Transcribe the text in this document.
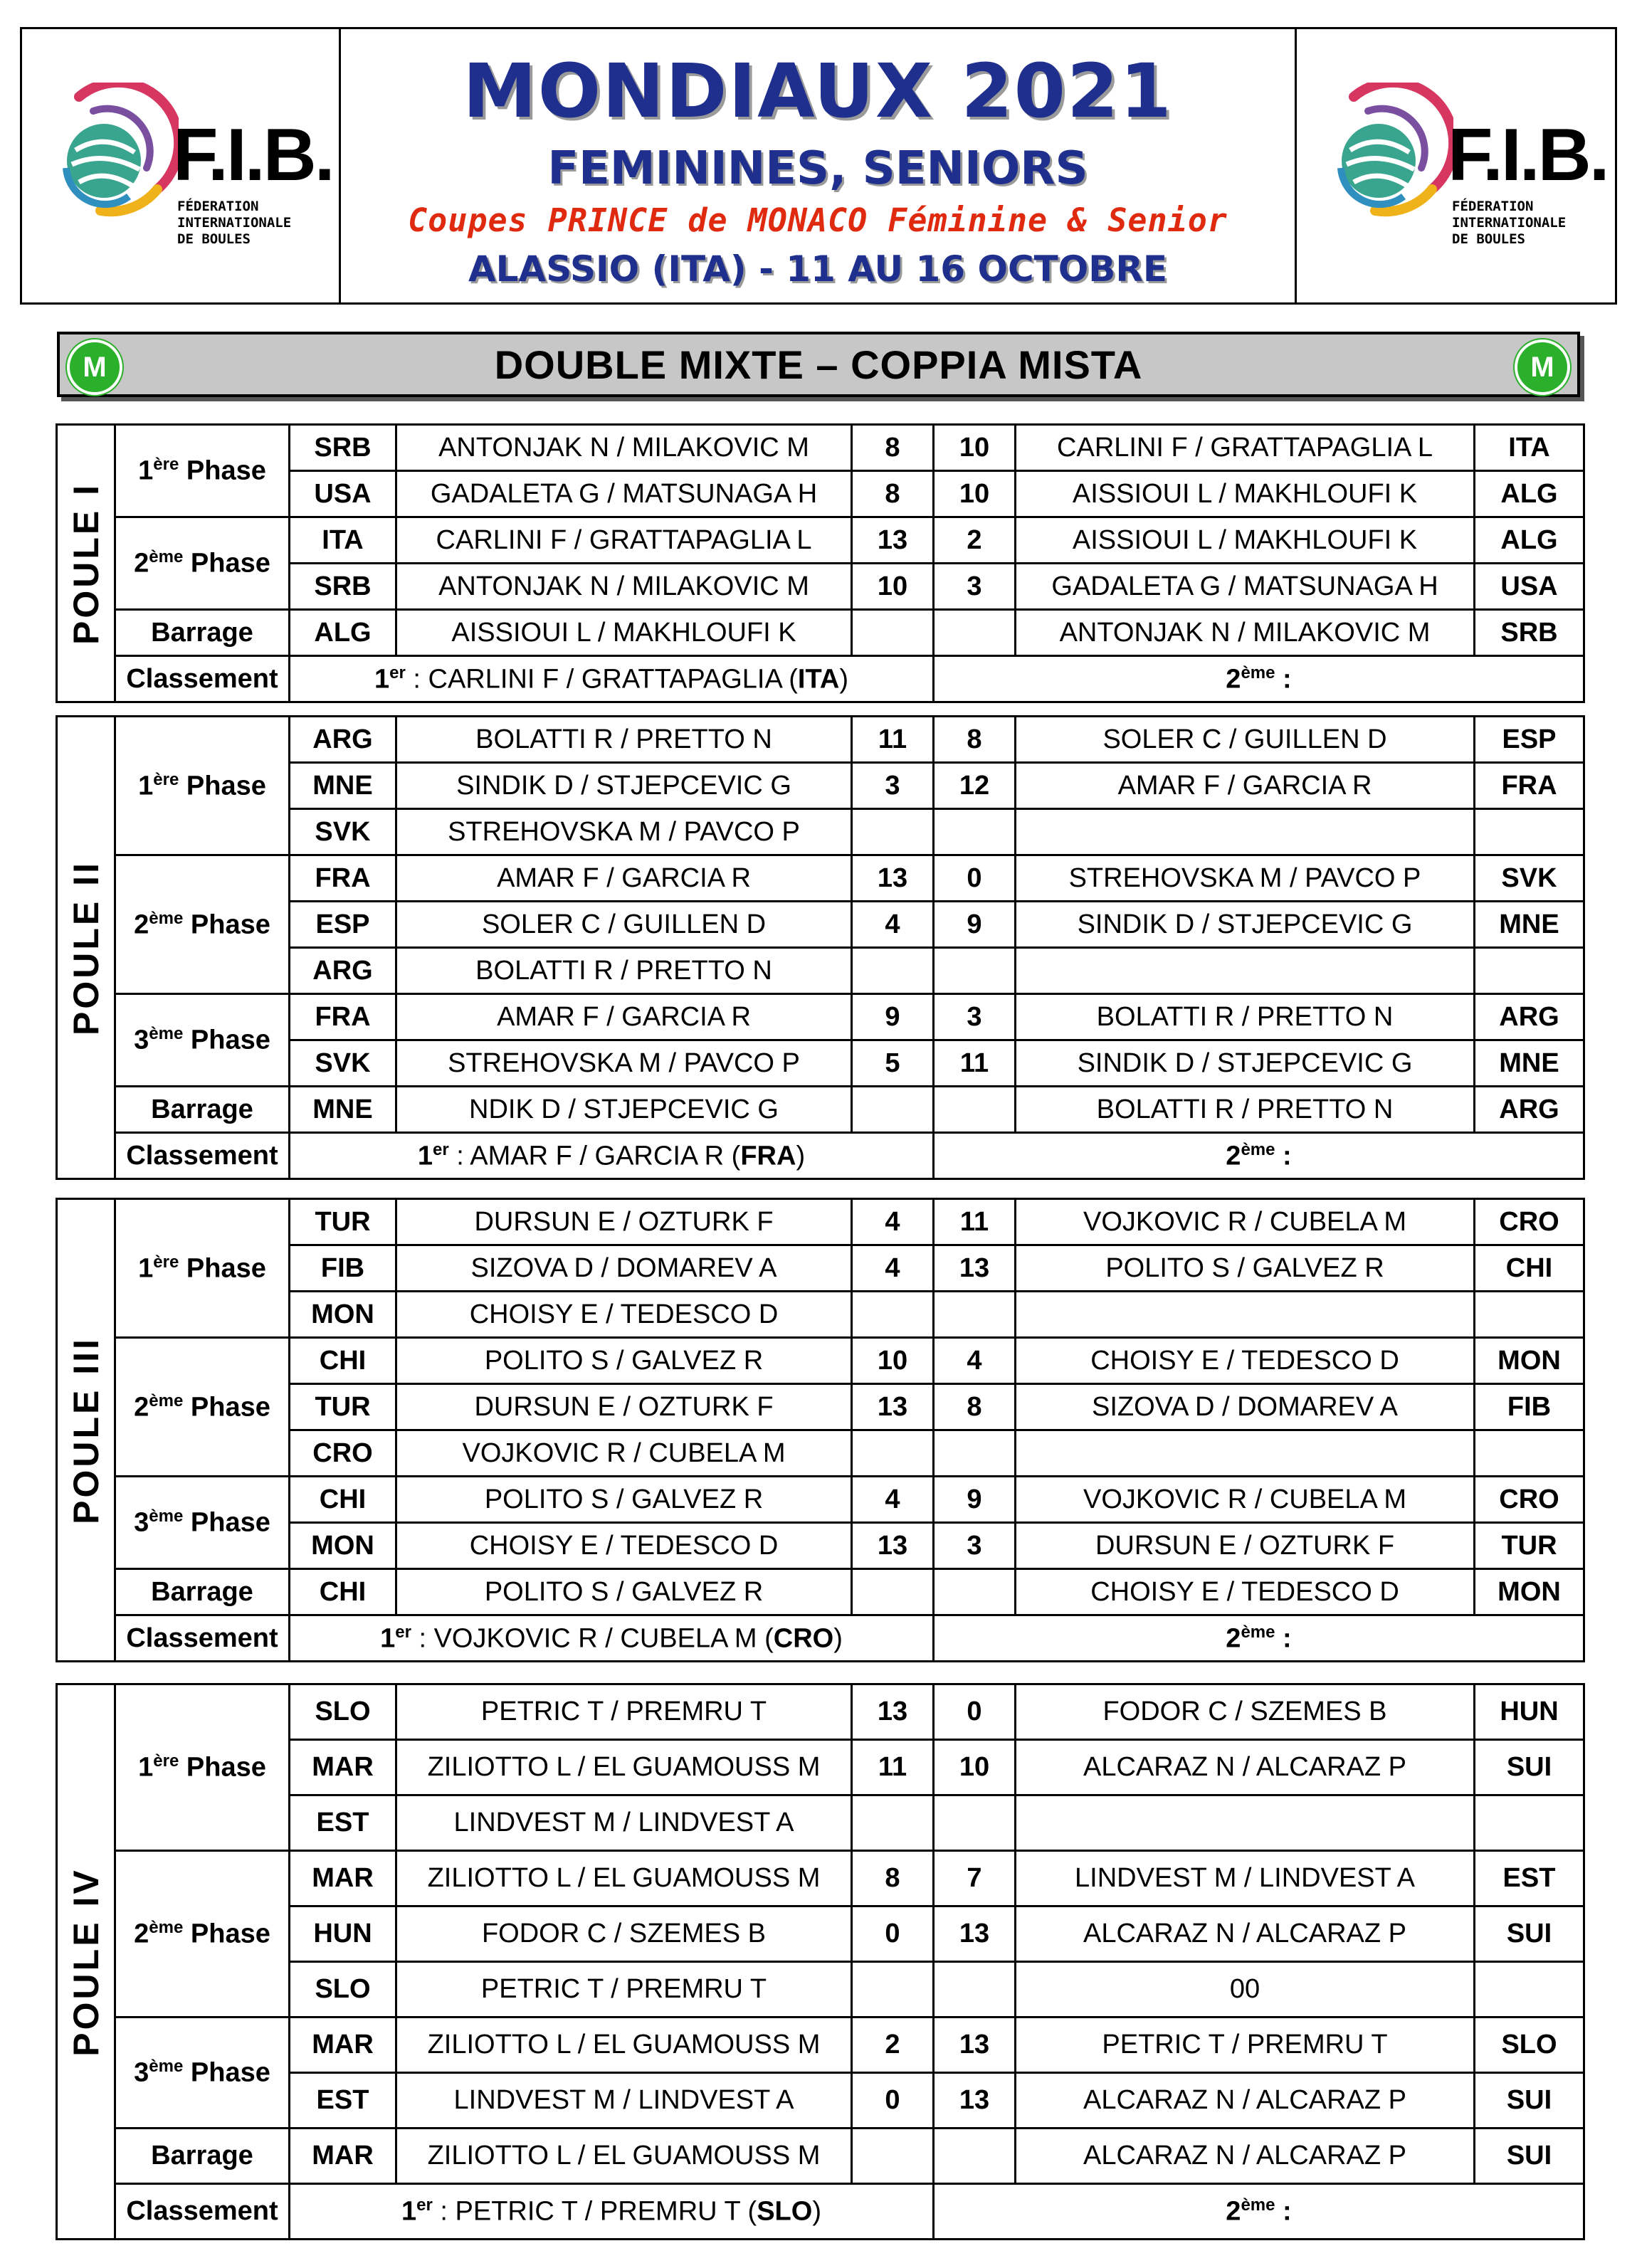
F.I.B.
FÉDERATION
INTERNATIONALE
DE BOULES
MONDIAUX 2021
FEMININES, SENIORS
Coupes PRINCE de MONACO Féminine & Senior
ALASSIO (ITA) - 11 AU 16 OCTOBRE
F.I.B.
FÉDERATION
INTERNATIONALE
DE BOULES
M	DOUBLE MIXTE – COPPIA MISTA	M
POULE I	1ère Phase	SRB	ANTONJAK N / MILAKOVIC M	8	10	CARLINI F / GRATTAPAGLIA L	ITA
		USA	GADALETA G / MATSUNAGA H	8	10	AISSIOUI L / MAKHLOUFI K	ALG
	2ème Phase	ITA	CARLINI F / GRATTAPAGLIA L	13	2	AISSIOUI L / MAKHLOUFI K	ALG
		SRB	ANTONJAK N / MILAKOVIC M	10	3	GADALETA G / MATSUNAGA H	USA
	Barrage	ALG	AISSIOUI L / MAKHLOUFI K			ANTONJAK N / MILAKOVIC M	SRB
	Classement	1er : CARLINI F / GRATTAPAGLIA (ITA)			2ème :		
POULE II	1ère Phase	ARG	BOLATTI R / PRETTO N	11	8	SOLER C / GUILLEN D	ESP
		MNE	SINDIK D / STJEPCEVIC G	3	12	AMAR F / GARCIA R	FRA
		SVK	STREHOVSKA M / PAVCO P				
	2ème Phase	FRA	AMAR F / GARCIA R	13	0	STREHOVSKA M / PAVCO P	SVK
		ESP	SOLER C / GUILLEN D	4	9	SINDIK D / STJEPCEVIC G	MNE
		ARG	BOLATTI R / PRETTO N				
	3ème Phase	FRA	AMAR F / GARCIA R	9	3	BOLATTI R / PRETTO N	ARG
		SVK	STREHOVSKA M / PAVCO P	5	11	SINDIK D / STJEPCEVIC G	MNE
	Barrage	MNE	NDIK D / STJEPCEVIC G			BOLATTI R / PRETTO N	ARG
	Classement	1er : AMAR F / GARCIA R (FRA)			2ème :		
POULE III	1ère Phase	TUR	DURSUN E / OZTURK F	4	11	VOJKOVIC R / CUBELA M	CRO
		FIB	SIZOVA D / DOMAREV A	4	13	POLITO S / GALVEZ R	CHI
		MON	CHOISY E / TEDESCO D				
	2ème Phase	CHI	POLITO S / GALVEZ R	10	4	CHOISY E / TEDESCO D	MON
		TUR	DURSUN E / OZTURK F	13	8	SIZOVA D / DOMAREV A	FIB
		CRO	VOJKOVIC R / CUBELA M				
	3ème Phase	CHI	POLITO S / GALVEZ R	4	9	VOJKOVIC R / CUBELA M	CRO
		MON	CHOISY E / TEDESCO D	13	3	DURSUN E / OZTURK F	TUR
	Barrage	CHI	POLITO S / GALVEZ R			CHOISY E / TEDESCO D	MON
	Classement	1er : VOJKOVIC R / CUBELA M (CRO)			2ème :		
POULE IV	1ère Phase	SLO	PETRIC T / PREMRU T	13	0	FODOR C / SZEMES B	HUN
		MAR	ZILIOTTO L / EL GUAMOUSS M	11	10	ALCARAZ N / ALCARAZ P	SUI
		EST	LINDVEST M / LINDVEST A				
	2ème Phase	MAR	ZILIOTTO L / EL GUAMOUSS M	8	7	LINDVEST M / LINDVEST A	EST
		HUN	FODOR C / SZEMES B	0	13	ALCARAZ N / ALCARAZ P	SUI
		SLO	PETRIC T / PREMRU T			00	
	3ème Phase	MAR	ZILIOTTO L / EL GUAMOUSS M	2	13	PETRIC T / PREMRU T	SLO
		EST	LINDVEST M / LINDVEST A	0	13	ALCARAZ N / ALCARAZ P	SUI
	Barrage	MAR	ZILIOTTO L / EL GUAMOUSS M			ALCARAZ N / ALCARAZ P	SUI
	Classement	1er : PETRIC T / PREMRU T (SLO)			2ème :		
